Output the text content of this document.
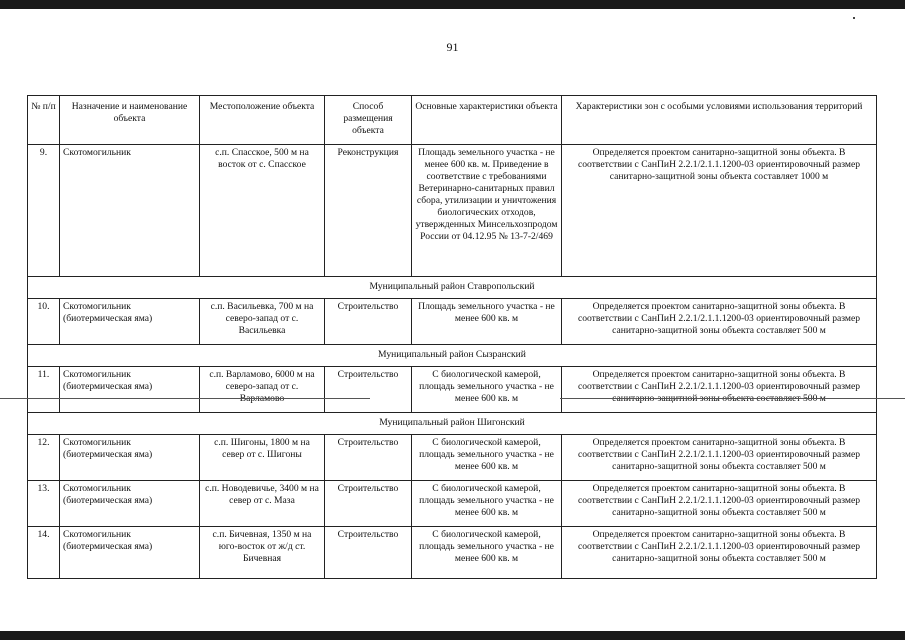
91
№ п/п	Назначение и наименование объекта	Местоположение объекта	Способ размещения объекта	Основные характеристики объекта	Характеристики зон с особыми условиями использования территорий
9.	Скотомогильник	с.п. Спасское, 500 м на восток от с. Спасское	Реконструкция	Площадь земельного участка - не менее 600 кв. м. Приведение в соответствие с требованиями Ветеринарно-санитарных правил сбора, утилизации и уничтожения биологических отходов, утвержденных Минсельхозпродом России от 04.12.95 № 13-7-2/469	Определяется проектом санитарно-защитной зоны объекта. В соответствии с СанПиН 2.2.1/2.1.1.1200-03 ориентировочный размер санитарно-защитной зоны объекта составляет 1000 м
Муниципальный район Ставропольский					
10.	Скотомогильник (биотермическая яма)	с.п. Васильевка, 700 м на северо-запад от с. Васильевка	Строительство	Площадь земельного участка - не менее 600 кв. м	Определяется проектом санитарно-защитной зоны объекта. В соответствии с СанПиН 2.2.1/2.1.1.1200-03 ориентировочный размер санитарно-защитной зоны объекта составляет 500 м
Муниципальный район Сызранский					
11.	Скотомогильник (биотермическая яма)	с.п. Варламово, 6000 м на северо-запад от с.	Строительство	С биологической камерой, площадь земельного участка - не менее 600 кв. м	Определяется проектом санитарно-защитной зоны объекта. В соответствии с СанПиН 2.2.1/2.1.1.1200-03 ориентировочный размер
Муниципальный район Шигонский					
12.	Скотомогильник (биотермическая яма)	с.п. Шигоны, 1800 м на север от с. Шигоны	Строительство	С биологической камерой, площадь земельного участка - не менее 600 кв. м	Определяется проектом санитарно-защитной зоны объекта. В соответствии с СанПиН 2.2.1/2.1.1.1200-03 ориентировочный размер санитарно-защитной зоны объекта составляет 500 м
13.	Скотомогильник (биотермическая яма)	с.п. Новодевичье, 3400 м на север от с. Маза	Строительство	С биологической камерой, площадь земельного участка - не менее 600 кв. м	Определяется проектом санитарно-защитной зоны объекта. В соответствии с СанПиН 2.2.1/2.1.1.1200-03 ориентировочный размер санитарно-защитной зоны объекта составляет 500 м
14.	Скотомогильник (биотермическая яма)	с.п. Бичевная, 1350 м на юго-восток от ж/д ст. Бичевная	Строительство	С биологической камерой, площадь земельного участка - не менее 600 кв. м	Определяется проектом санитарно-защитной зоны объекта. В соответствии с СанПиН 2.2.1/2.1.1.1200-03 ориентировочный размер санитарно-защитной зоны объекта составляет 500 м
